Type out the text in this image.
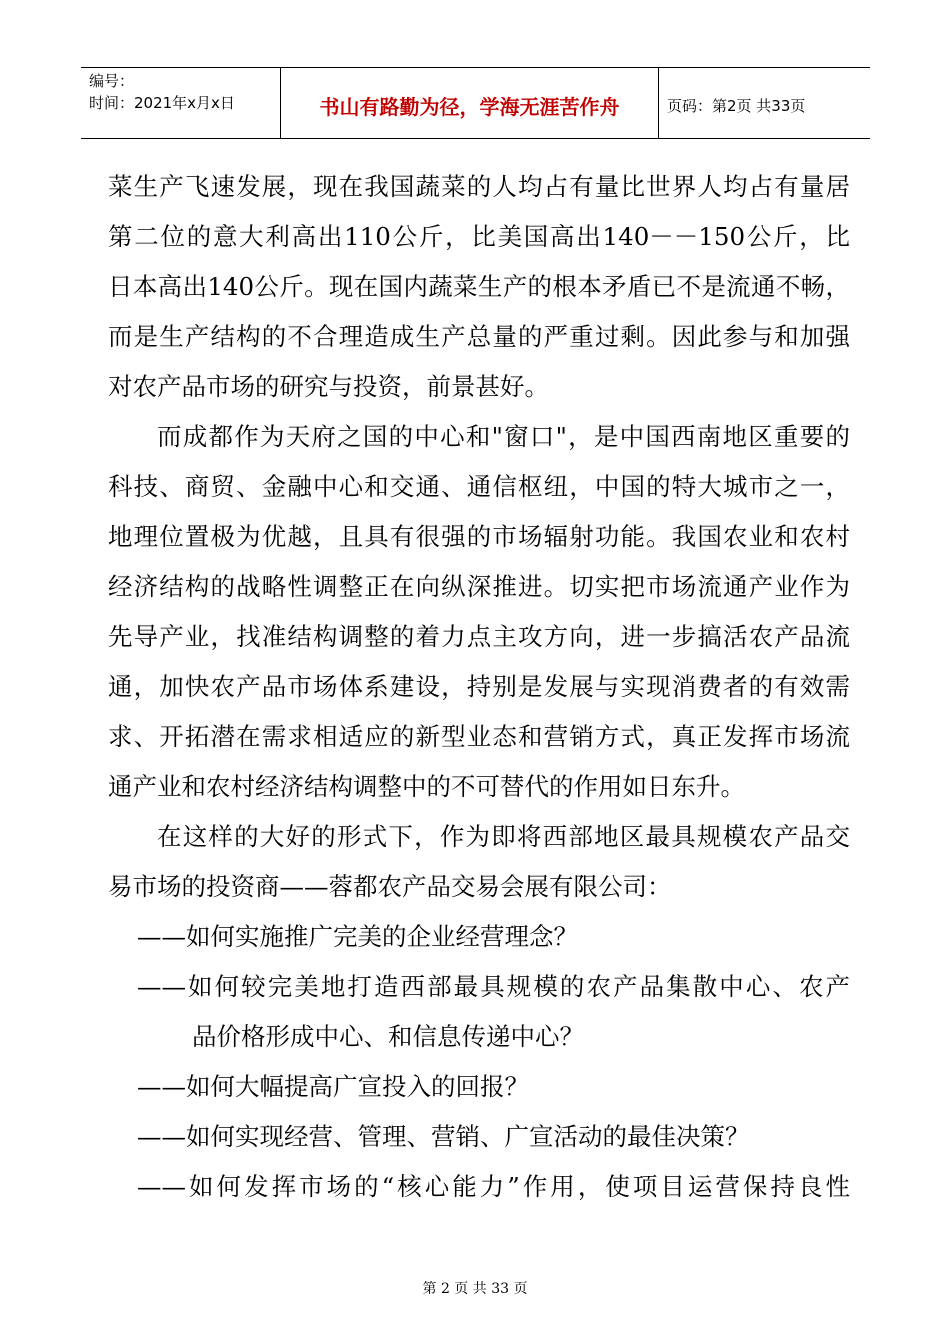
编号：
时间：2021年x月x日	书山有路勤为径，学海无涯苦作舟	页码：第2页 共33页
菜生产飞速发展，现在我国蔬菜的人均占有量比世界人均占有量居
第二位的意大利高出110公斤，比美国高出140－－150公斤，比
日本高出140公斤。现在国内蔬菜生产的根本矛盾已不是流通不畅，
而是生产结构的不合理造成生产总量的严重过剩。因此参与和加强
对农产品市场的研究与投资，前景甚好。
而成都作为天府之国的中心和"窗口"，是中国西南地区重要的
科技、商贸、金融中心和交通、通信枢纽，中国的特大城市之一，
地理位置极为优越，且具有很强的市场辐射功能。我国农业和农村
经济结构的战略性调整正在向纵深推进。切实把市场流通产业作为
先导产业，找准结构调整的着力点主攻方向，进一步搞活农产品流
通，加快农产品市场体系建设，持别是发展与实现消费者的有效需
求、开拓潜在需求相适应的新型业态和营销方式，真正发挥市场流
通产业和农村经济结构调整中的不可替代的作用如日东升。
在这样的大好的形式下，作为即将西部地区最具规模农产品交
易市场的投资商——蓉都农产品交易会展有限公司：
——如何实施推广完美的企业经营理念？
——如何较完美地打造西部最具规模的农产品集散中心、农产
品价格形成中心、和信息传递中心？
——如何大幅提高广宣投入的回报？
——如何实现经营、管理、营销、广宣活动的最佳决策？
——如何发挥市场的“核心能力”作用，使项目运营保持良性
第 2 页 共 33 页
